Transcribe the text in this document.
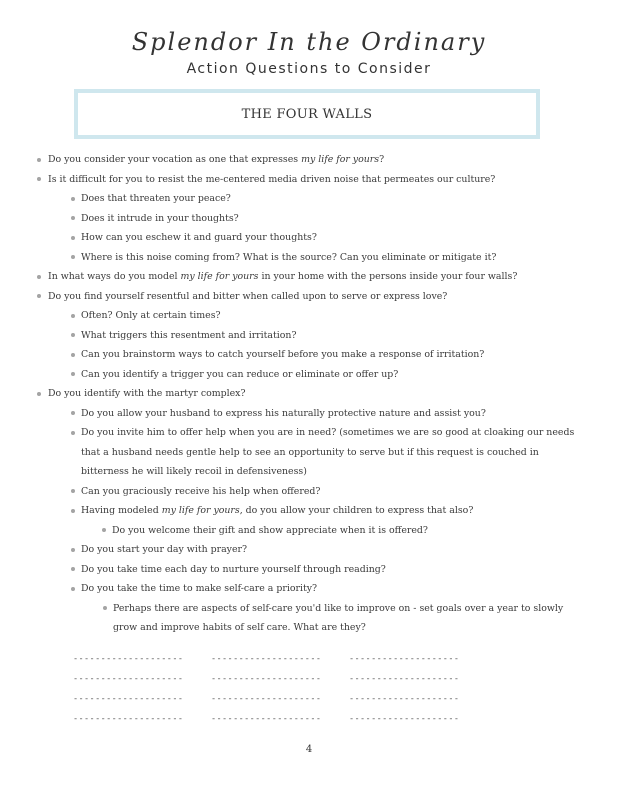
Splendor In the Ordinary
Action Questions to Consider
THE FOUR WALLS
Do you consider your vocation as one that expresses my life for yours?
Is it difficult for you to resist the me-centered media driven noise that permeates our culture?
Does that threaten your peace?
Does it intrude in your thoughts?
How can you eschew it and guard your thoughts?
Where is this noise coming from? What is the source? Can you eliminate or mitigate it?
In what ways do you model my life for yours in your home with the persons inside your four walls?
Do you find yourself resentful and bitter when called upon to serve or express love?
Often? Only at certain times?
What triggers this resentment and irritation?
Can you brainstorm ways to catch yourself before you make a response of irritation?
Can you identify a trigger you can reduce or eliminate or offer up?
Do you identify with the martyr complex?
Do you allow your husband to express his naturally protective nature and assist you?
Do you invite him to offer help when you are in need? (sometimes we are so good at cloaking our needs that a husband needs gentle help to see an opportunity to serve but if this request is couched in bitterness he will likely recoil in defensiveness)
Can you graciously receive his help when offered?
Having modeled my life for yours, do you allow your children to express that also?
Do you welcome their gift and show appreciate when it is offered?
Do you start your day with prayer?
Do you take time each day to nurture yourself through reading?
Do you take the time to make self-care a priority?
Perhaps there are aspects of self-care you'd like to improve on - set goals over a year to slowly grow and improve habits of self care. What are they?
--------------------	--------------------	--------------------
--------------------	--------------------	--------------------
--------------------	--------------------	--------------------
--------------------	--------------------	--------------------
4
